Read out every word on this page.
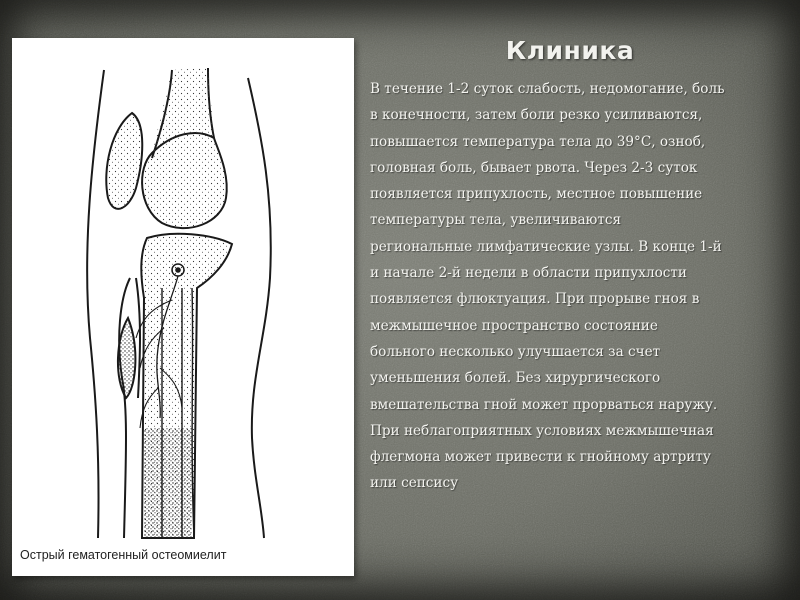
Острый гематогенный остеомиелит
Клиника
В течение 1-2 суток слабость, недомогание, боль
в конечности, затем боли резко усиливаются,
повышается температура тела до 39°С, озноб,
головная боль, бывает рвота. Через 2-3 суток
появляется припухлость, местное повышение
температуры тела, увеличиваются
региональные лимфатические узлы. В конце 1-й
и начале 2-й недели в области припухлости
появляется флюктуация. При прорыве гноя в
межмышечное пространство состояние
больного несколько улучшается за счет
уменьшения болей. Без хирургического
вмешательства гной может прорваться наружу.
При неблагоприятных условиях межмышечная
флегмона может привести к гнойному артриту
или сепсису
